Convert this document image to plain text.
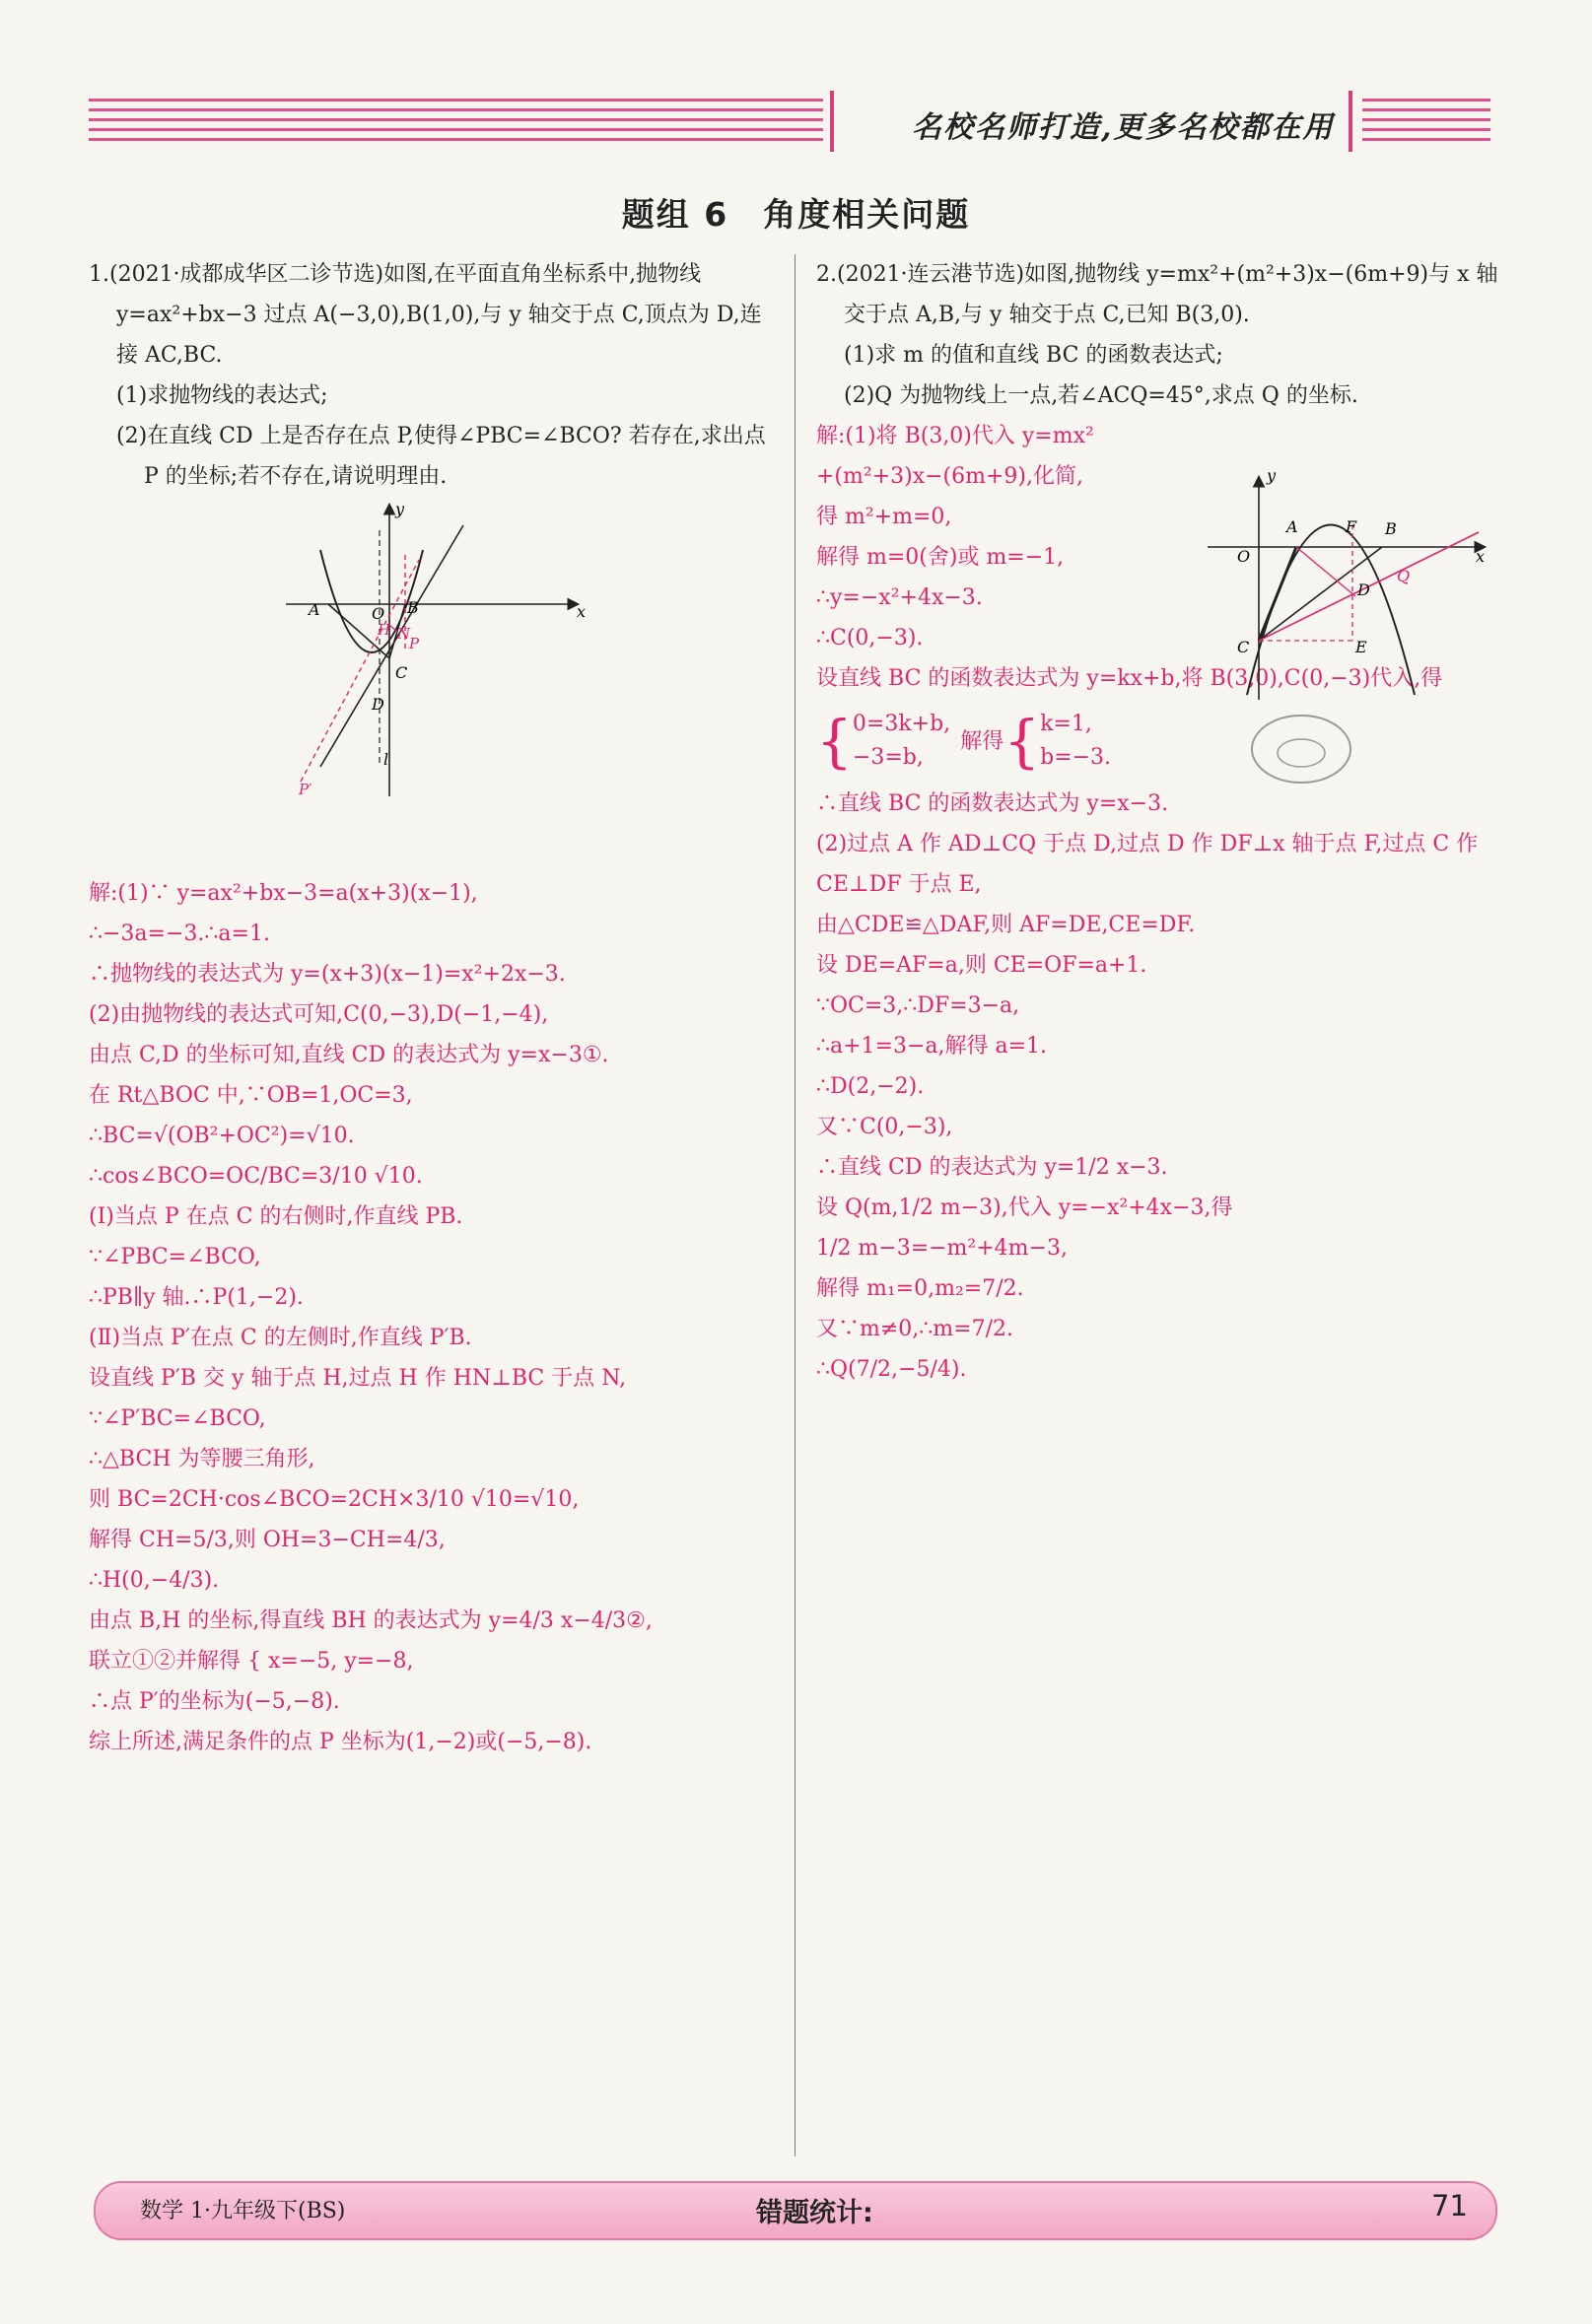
名校名师打造,更多名校都在用
题组 6　角度相关问题

1.(2021·成都成华区二诊节选)如图,在平面直角坐标系中,抛物线 y=ax²+bx−3 过点 A(−3,0),B(1,0),与 y 轴交于点 C,顶点为 D,连接 AC,BC.

(1)求抛物线的表达式;

(2)在直线 CD 上是否存在点 P,使得∠PBC=∠BCO? 若存在,求出点 P 的坐标;若不存在,请说明理由.

解:(1)∵ y=ax²+bx−3=a(x+3)(x−1),

∴−3a=−3.∴a=1.

∴抛物线的表达式为 y=(x+3)(x−1)=x²+2x−3.

(2)由抛物线的表达式可知,C(0,−3),D(−1,−4),

由点 C,D 的坐标可知,直线 CD 的表达式为 y=x−3①.

在 Rt△BOC 中,∵OB=1,OC=3,

∴BC=√(OB²+OC²)=√10.

∴cos∠BCO=OC/BC=3/10 √10.

(Ⅰ)当点 P 在点 C 的右侧时,作直线 PB.

∵∠PBC=∠BCO,

∴PB∥y 轴.∴P(1,−2).

(Ⅱ)当点 P′在点 C 的左侧时,作直线 P′B.

设直线 P′B 交 y 轴于点 H,过点 H 作 HN⊥BC 于点 N,

∵∠P′BC=∠BCO,

∴△BCH 为等腰三角形,

则 BC=2CH·cos∠BCO=2CH×3/10 √10=√10,

解得 CH=5/3,则 OH=3−CH=4/3,

∴H(0,−4/3).

由点 B,H 的坐标,得直线 BH 的表达式为 y=4/3 x−4/3②,

联立①②并解得 { x=−5, y=−8,

∴点 P′的坐标为(−5,−8).

综上所述,满足条件的点 P 坐标为(1,−2)或(−5,−8).

A	O B
y
x
H N
P
C
D
l
P′

2.(2021·连云港节选)如图,抛物线 y=mx²+(m²+3)x−(6m+9)与 x 轴交于点 A,B,与 y 轴交于点 C,已知 B(3,0).

(1)求 m 的值和直线 BC 的函数表达式;

(2)Q 为抛物线上一点,若∠ACQ=45°,求点 Q 的坐标.

解:(1)将 B(3,0)代入 y=mx²

+(m²+3)x−(6m+9),化简,

得 m²+m=0,

解得 m=0(舍)或 m=−1,

∴y=−x²+4x−3.

∴C(0,−3).

设直线 BC 的函数表达式为 y=kx+b,将 B(3,0),C(0,−3)代入,得

{ 0=3k+b,
−3=b,
解得 { k=1,
b=−3.

∴直线 BC 的函数表达式为 y=x−3.

(2)过点 A 作 AD⊥CQ 于点 D,过点 D 作 DF⊥x 轴于点 F,过点 C 作 CE⊥DF 于点 E,

由△CDE≌△DAF,则 AF=DE,CE=DF.

设 DE=AF=a,则 CE=OF=a+1.

∵OC=3,∴DF=3−a,

∴a+1=3−a,解得 a=1.

∴D(2,−2).

又∵C(0,−3),

∴直线 CD 的表达式为 y=1/2 x−3.

设 Q(m,1/2 m−3),代入 y=−x²+4x−3,得

1/2 m−3=−m²+4m−3,

解得 m₁=0,m₂=7/2.

又∵m≠0,∴m=7/2.

∴Q(7/2,−5/4).

y
x
O
A	F B
D
Q
C	E
数学 1·九年级下(BS)	错题统计:	71
